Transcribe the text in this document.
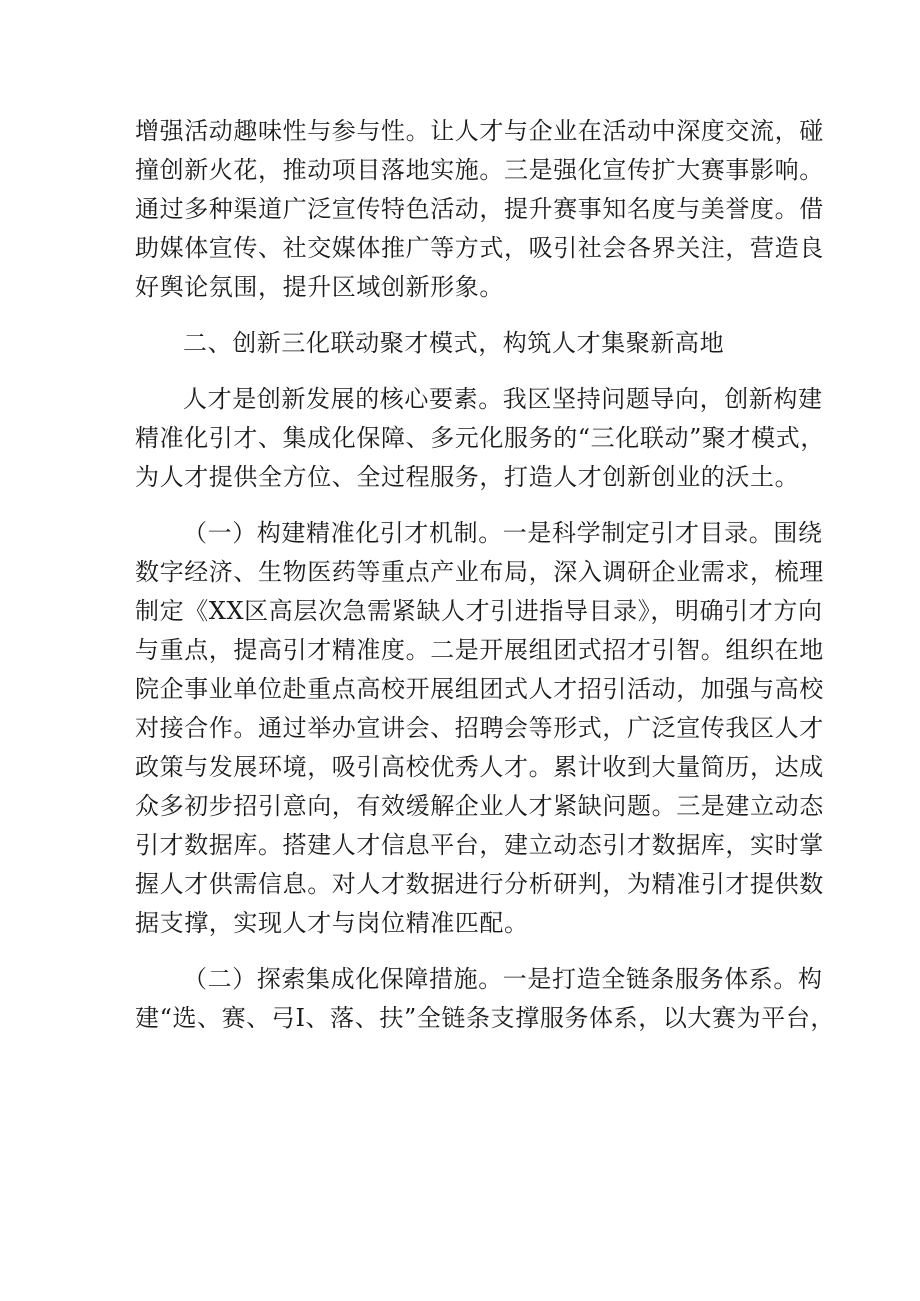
增强活动趣味性与参与性。让人才与企业在活动中深度交流，碰
撞创新火花，推动项目落地实施。三是强化宣传扩大赛事影响。
通过多种渠道广泛宣传特色活动，提升赛事知名度与美誉度。借
助媒体宣传、社交媒体推广等方式，吸引社会各界关注，营造良
好舆论氛围，提升区域创新形象。
二、创新三化联动聚才模式，构筑人才集聚新高地
人才是创新发展的核心要素。我区坚持问题导向，创新构建
精准化引才、集成化保障、多元化服务的“三化联动”聚才模式，
为人才提供全方位、全过程服务，打造人才创新创业的沃土。
（一）构建精准化引才机制。一是科学制定引才目录。围绕
数字经济、生物医药等重点产业布局，深入调研企业需求，梳理
制定《XX区高层次急需紧缺人才引进指导目录》，明确引才方向
与重点，提高引才精准度。二是开展组团式招才引智。组织在地
院企事业单位赴重点高校开展组团式人才招引活动，加强与高校
对接合作。通过举办宣讲会、招聘会等形式，广泛宣传我区人才
政策与发展环境，吸引高校优秀人才。累计收到大量简历，达成
众多初步招引意向，有效缓解企业人才紧缺问题。三是建立动态
引才数据库。搭建人才信息平台，建立动态引才数据库，实时掌
握人才供需信息。对人才数据进行分析研判，为精准引才提供数
据支撑，实现人才与岗位精准匹配。
（二）探索集成化保障措施。一是打造全链条服务体系。构
建“选、赛、弓I、落、扶”全链条支撑服务体系，以大赛为平台，
